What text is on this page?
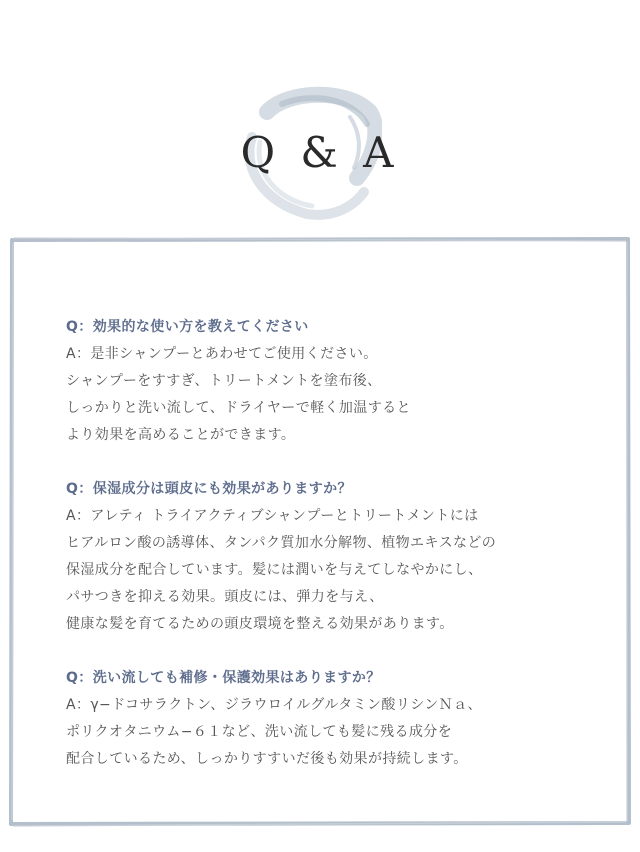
Q & A
Q：効果的な使い方を教えてください
A：是非シャンプーとあわせてご使用ください。
シャンプーをすすぎ、トリートメントを塗布後、
しっかりと洗い流して、ドライヤーで軽く加温すると
より効果を高めることができます。
Q：保湿成分は頭皮にも効果がありますか？
A：アレティ トライアクティブシャンプーとトリートメントには
ヒアルロン酸の誘導体、タンパク質加水分解物、植物エキスなどの
保湿成分を配合しています。髪には潤いを与えてしなやかにし、
パサつきを抑える効果。頭皮には、弾力を与え、
健康な髪を育てるための頭皮環境を整える効果があります。
Q：洗い流しても補修・保護効果はありますか？
A：γ−ドコサラクトン、ジラウロイルグルタミン酸リシンＮａ、
ポリクオタニウム−６１など、洗い流しても髪に残る成分を
配合しているため、しっかりすすいだ後も効果が持続します。
